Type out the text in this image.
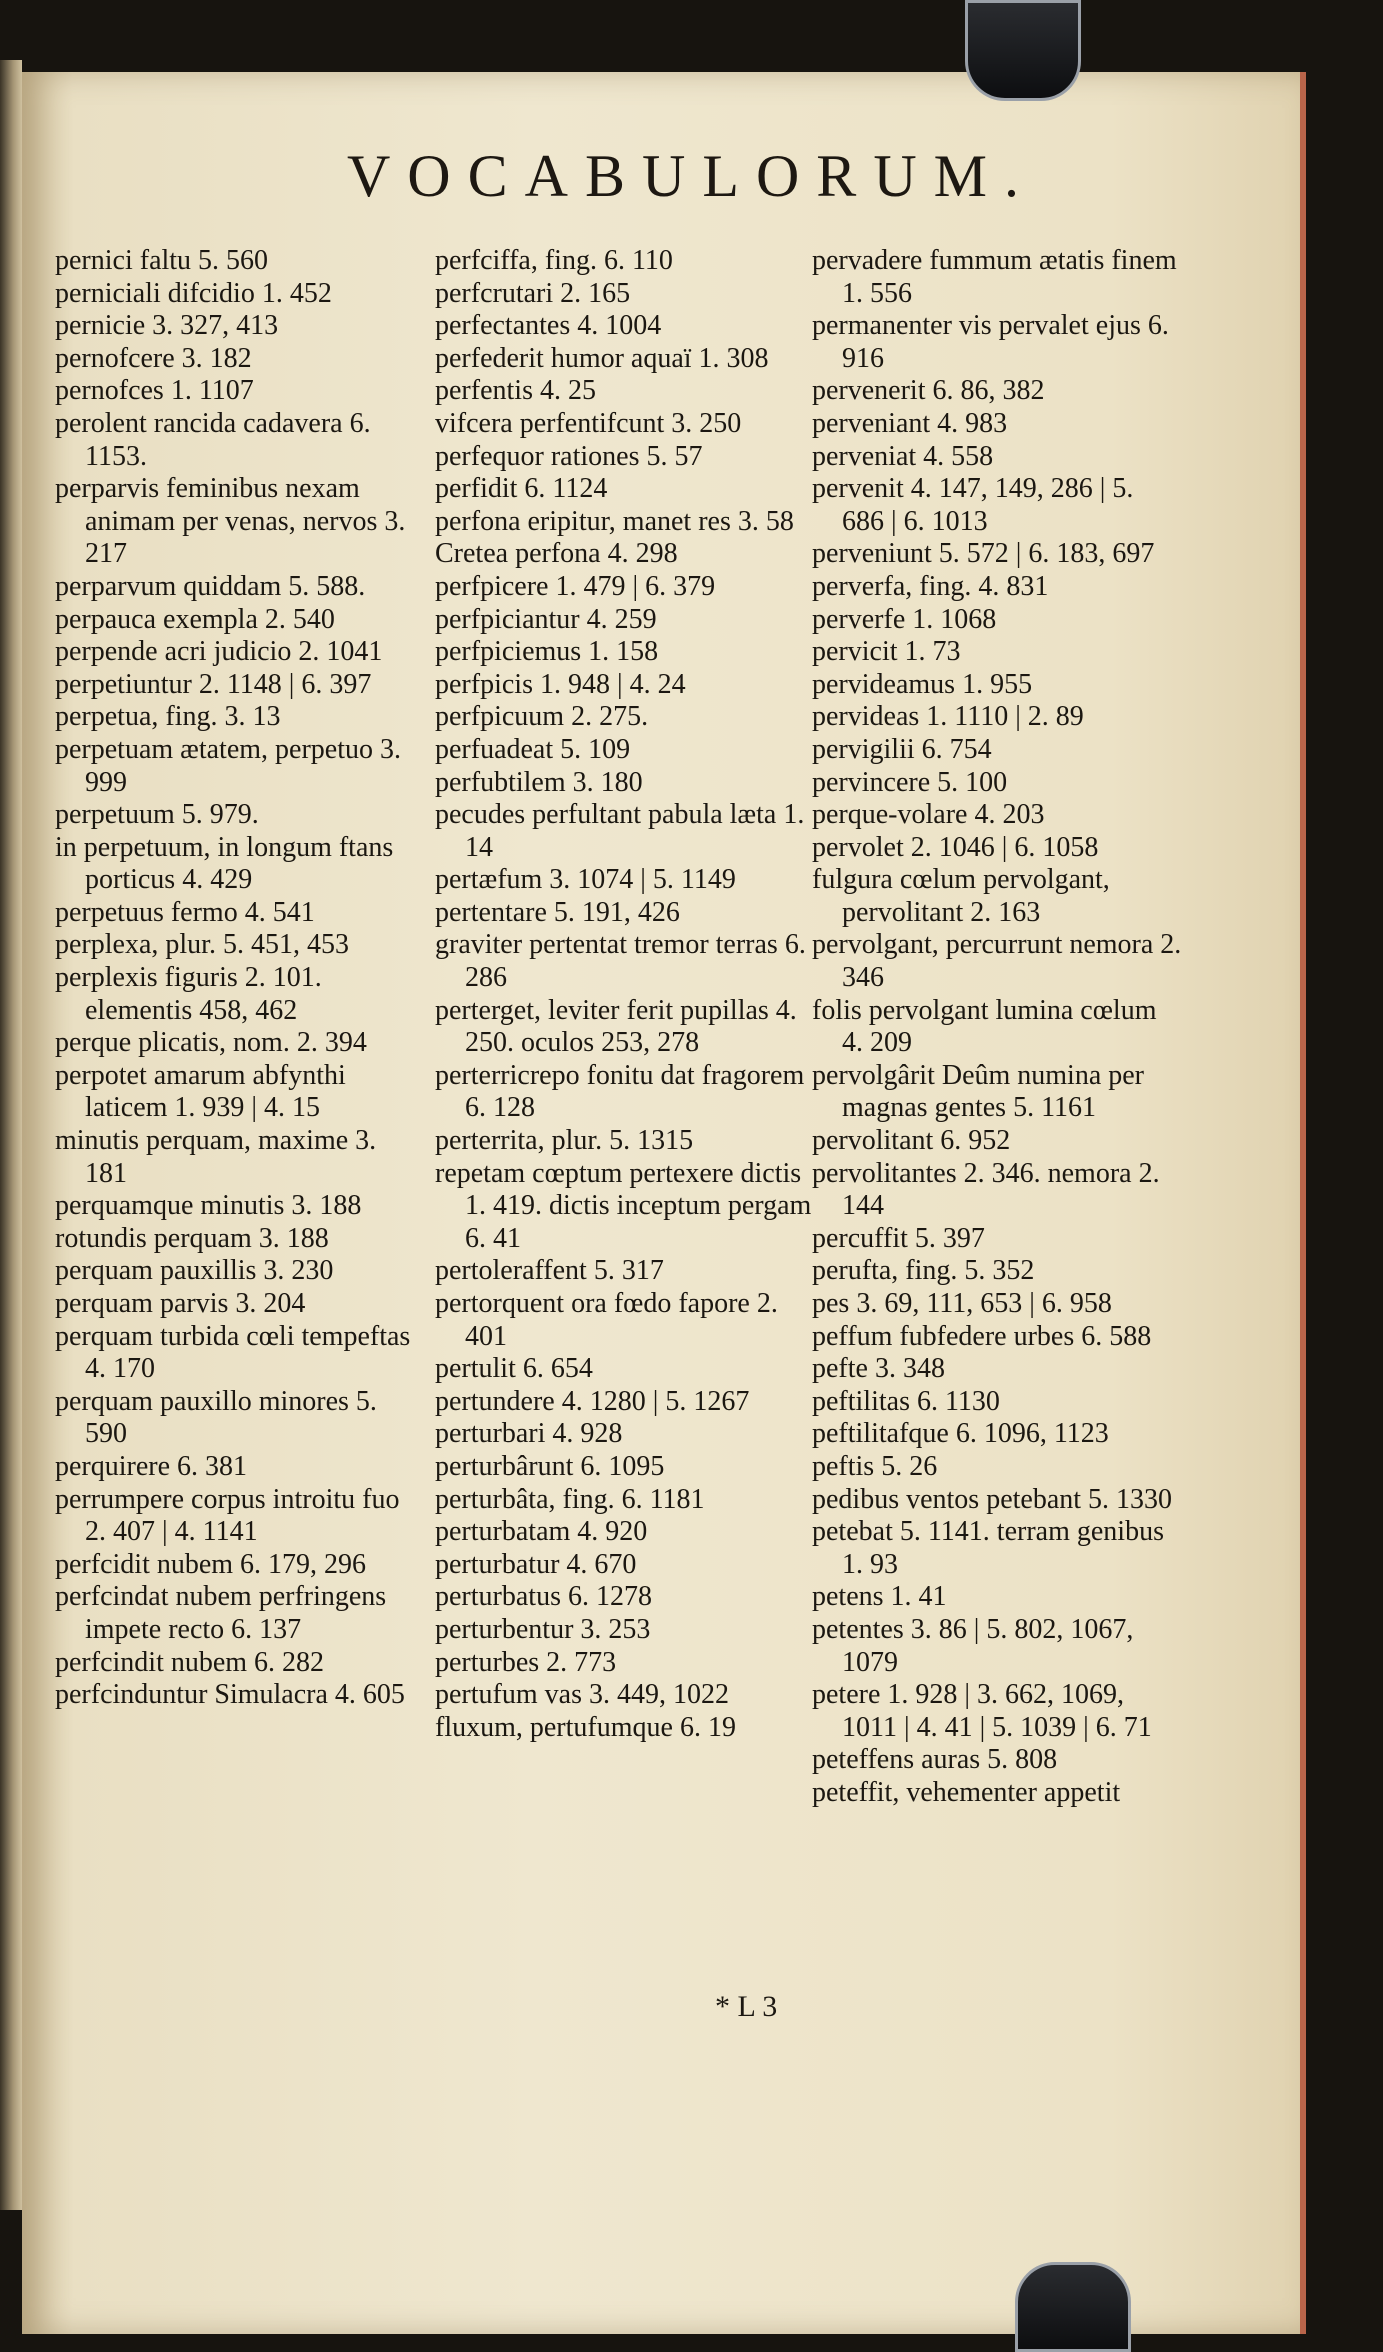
VOCABULORUM.

pernici faltu 5. 560

perniciali difcidio 1. 452

pernicie 3. 327, 413

pernofcere 3. 182

pernofces 1. 1107

perolent rancida cadavera 6. 1153.

perparvis feminibus nexam animam per venas, nervos 3. 217

perparvum quiddam 5. 588.

perpauca exempla 2. 540

perpende acri judicio 2. 1041

perpetiuntur 2. 1148 | 6. 397

perpetua, fing. 3. 13

perpetuam ætatem, perpetuo 3. 999

perpetuum 5. 979.

in perpetuum, in longum ftans porticus 4. 429

perpetuus fermo 4. 541

perplexa, plur. 5. 451, 453

perplexis figuris 2. 101. elementis 458, 462

perque plicatis, nom. 2. 394

perpotet amarum abfynthi laticem 1. 939 | 4. 15

minutis perquam, maxime 3. 181

perquamque minutis 3. 188

rotundis perquam 3. 188

perquam pauxillis 3. 230

perquam parvis 3. 204

perquam turbida cœli tempeftas 4. 170

perquam pauxillo minores 5. 590

perquirere 6. 381

perrumpere corpus introitu fuo 2. 407 | 4. 1141

perfcidit nubem 6. 179, 296

perfcindat nubem perfringens impete recto 6. 137

perfcindit nubem 6. 282

perfcinduntur Simulacra 4. 605

perfciffa, fing. 6. 110

perfcrutari 2. 165

perfectantes 4. 1004

perfederit humor aquaï 1. 308

perfentis 4. 25

vifcera perfentifcunt 3. 250

perfequor rationes 5. 57

perfidit 6. 1124

perfona eripitur, manet res 3. 58

Cretea perfona 4. 298

perfpicere 1. 479 | 6. 379

perfpiciantur 4. 259

perfpiciemus 1. 158

perfpicis 1. 948 | 4. 24

perfpicuum 2. 275.

perfuadeat 5. 109

perfubtilem 3. 180

pecudes perfultant pabula læta 1. 14

pertæfum 3. 1074 | 5. 1149

pertentare 5. 191, 426

graviter pertentat tremor terras 6. 286

perterget, leviter ferit pupillas 4. 250. oculos 253, 278

perterricrepo fonitu dat fragorem 6. 128

perterrita, plur. 5. 1315

repetam cœptum pertexere dictis 1. 419. dictis inceptum pergam 6. 41

pertoleraffent 5. 317

pertorquent ora fœdo fapore 2. 401

pertulit 6. 654

pertundere 4. 1280 | 5. 1267

perturbari 4. 928

perturbârunt 6. 1095

perturbâta, fing. 6. 1181

perturbatam 4. 920

perturbatur 4. 670

perturbatus 6. 1278

perturbentur 3. 253

perturbes 2. 773

pertufum vas 3. 449, 1022

fluxum, pertufumque 6. 19

pervadere fummum ætatis finem 1. 556

permanenter vis pervalet ejus 6. 916

pervenerit 6. 86, 382

perveniant 4. 983

perveniat 4. 558

pervenit 4. 147, 149, 286 | 5. 686 | 6. 1013

perveniunt 5. 572 | 6. 183, 697

perverfa, fing. 4. 831

perverfe 1. 1068

pervicit 1. 73

pervideamus 1. 955

pervideas 1. 1110 | 2. 89

pervigilii 6. 754

pervincere 5. 100

perque-volare 4. 203

pervolet 2. 1046 | 6. 1058

fulgura cœlum pervolgant, pervolitant 2. 163

pervolgant, percurrunt nemora 2. 346

folis pervolgant lumina cœlum 4. 209

pervolgârit Deûm numina per magnas gentes 5. 1161

pervolitant 6. 952

pervolitantes 2. 346. nemora 2. 144

percuffit 5. 397

perufta, fing. 5. 352

pes 3. 69, 111, 653 | 6. 958

peffum fubfedere urbes 6. 588

pefte 3. 348

peftilitas 6. 1130

peftilitafque 6. 1096, 1123

peftis 5. 26

pedibus ventos petebant 5. 1330

petebat 5. 1141. terram genibus 1. 93

petens 1. 41

petentes 3. 86 | 5. 802, 1067, 1079

petere 1. 928 | 3. 662, 1069, 1011 | 4. 41 | 5. 1039 | 6. 71

peteffens auras 5. 808

peteffit, vehementer appetit

* L 3
